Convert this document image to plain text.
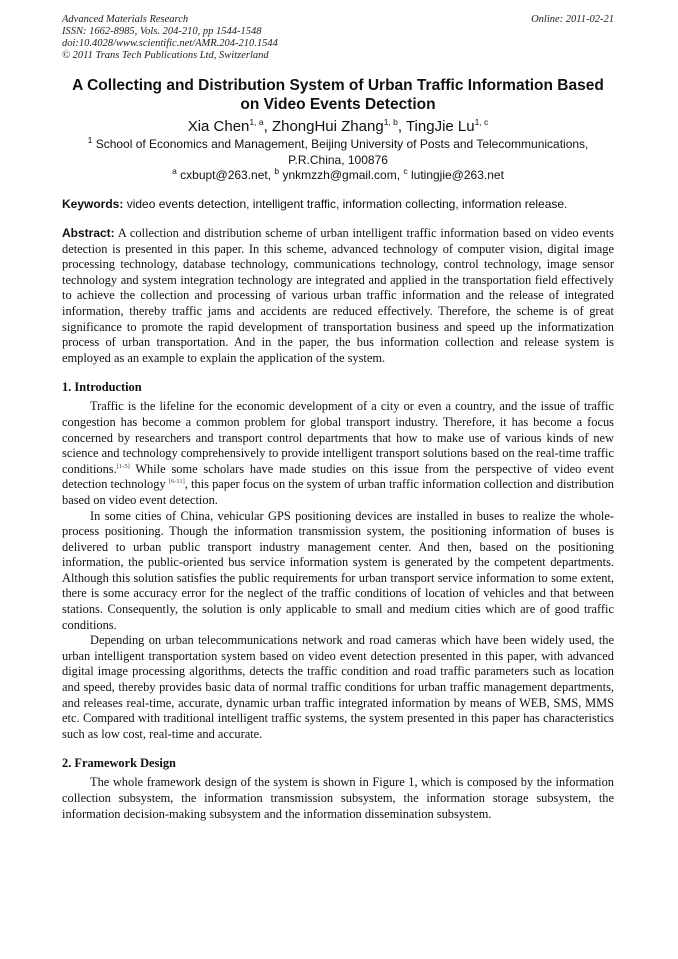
Advanced Materials Research	Online: 2011-02-21
ISSN: 1662-8985, Vols. 204-210, pp 1544-1548
doi:10.4028/www.scientific.net/AMR.204-210.1544
© 2011 Trans Tech Publications Ltd, Switzerland
A Collecting and Distribution System of Urban Traffic Information Based on Video Events Detection
Xia Chen$^{1, a}$, ZhongHui Zhang$^{1, b}$, TingJie Lu$^{1, c}$
$^1$ School of Economics and Management, Beijing University of Posts and Telecommunications,
P.R.China, 100876
$^a$ cxbupt@263.net, $^b$ ynkmzzh@gmail.com, $^c$ lutingjie@263.net
Keywords: video events detection, intelligent traffic, information collecting, information release.
Abstract: A collection and distribution scheme of urban intelligent traffic information based on video events detection is presented in this paper. In this scheme, advanced technology of computer vision, digital image processing technology, database technology, communications technology, control technology, image sensor technology and system integration technology are integrated and applied in the transportation field effectively to achieve the collection and processing of various urban traffic information and the release of integrated information, thereby traffic jams and accidents are reduced effectively. Therefore, the scheme is of great significance to promote the rapid development of transportation business and speed up the informatization process of urban transportation. And in the paper, the bus information collection and release system is employed as an example to explain the application of the system.
1. Introduction

Traffic is the lifeline for the economic development of a city or even a country, and the issue of traffic congestion has become a common problem for global transport industry. Therefore, it has become a focus concerned by researchers and transport control departments that how to make use of various kinds of new science and technology comprehensively to provide intelligent transport solutions based on the real-time traffic conditions.[1-5] While some scholars have made studies on this issue from the perspective of video event detection technology [6-11], this paper focus on the system of urban traffic information collection and distribution based on video event detection.

In some cities of China, vehicular GPS positioning devices are installed in buses to realize the whole-process positioning. Though the information transmission system, the positioning information of buses is delivered to urban public transport industry management center. And then, based on the positioning information, the public-oriented bus service information system is generated by the competent departments. Although this solution satisfies the public requirements for urban transport service information to some extent, there is some accuracy error for the neglect of the traffic conditions of location of vehicles and that between stations. Consequently, the solution is only applicable to small and medium cities which are of good traffic conditions.

Depending on urban telecommunications network and road cameras which have been widely used, the urban intelligent transportation system based on video event detection presented in this paper, with advanced digital image processing algorithms, detects the traffic condition and road traffic parameters such as location and speed, thereby provides basic data of normal traffic conditions for urban traffic management departments, and releases real-time, accurate, dynamic urban traffic integrated information by means of WEB, SMS, MMS etc. Compared with traditional intelligent traffic systems, the system presented in this paper has characteristics such as low cost, real-time and accurate.

2. Framework Design

The whole framework design of the system is shown in Figure 1, which is composed by the information collection subsystem, the information transmission subsystem, the information storage subsystem, the information decision-making subsystem and the information dissemination subsystem.
